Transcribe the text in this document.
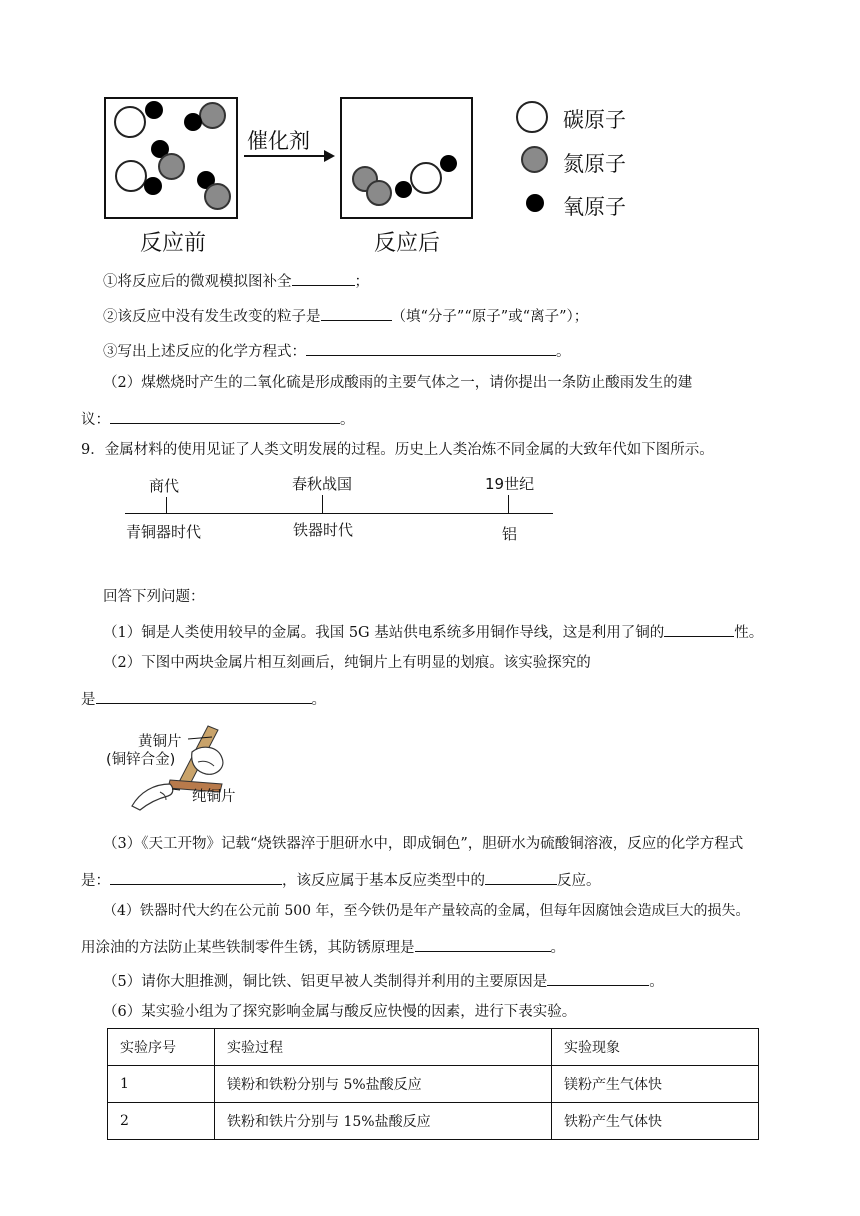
反应前
催化剂
反应后
碳原子
氮原子
氧原子
①将反应后的微观模拟图补全	；
②该反应中没有发生改变的粒子是	（填“分子”“原子”或“离子”）；
③写出上述反应的化学方程式：	。
（2）煤燃烧时产生的二氧化硫是形成酸雨的主要气体之一，请你提出一条防止酸雨发生的建
议：	。
9．金属材料的使用见证了人类文明发展的过程。历史上人类冶炼不同金属的大致年代如下图所示。
商代	春秋战国	19世纪
青铜器时代	铁器时代	铝
回答下列问题：
（1）铜是人类使用较早的金属。我国 5G 基站供电系统多用铜作导线，这是利用了铜的	性。
（2）下图中两块金属片相互刻画后，纯铜片上有明显的划痕。该实验探究的
是	。
黄铜片
(铜锌合金)
纯铜片
（3）《天工开物》记载“烧铁器淬于胆研水中，即成铜色”，胆研水为硫酸铜溶液，反应的化学方程式
是：	，该反应属于基本反应类型中的	反应。
（4）铁器时代大约在公元前 500 年，至今铁仍是年产量较高的金属，但每年因腐蚀会造成巨大的损失。
用涂油的方法防止某些铁制零件生锈，其防锈原理是	。
（5）请你大胆推测，铜比铁、铝更早被人类制得并利用的主要原因是	。
（6）某实验小组为了探究影响金属与酸反应快慢的因素，进行下表实验。
实验序号	实验过程	实验现象
1	镁粉和铁粉分别与 5%盐酸反应	镁粉产生气体快
2	铁粉和铁片分别与 15%盐酸反应	铁粉产生气体快
